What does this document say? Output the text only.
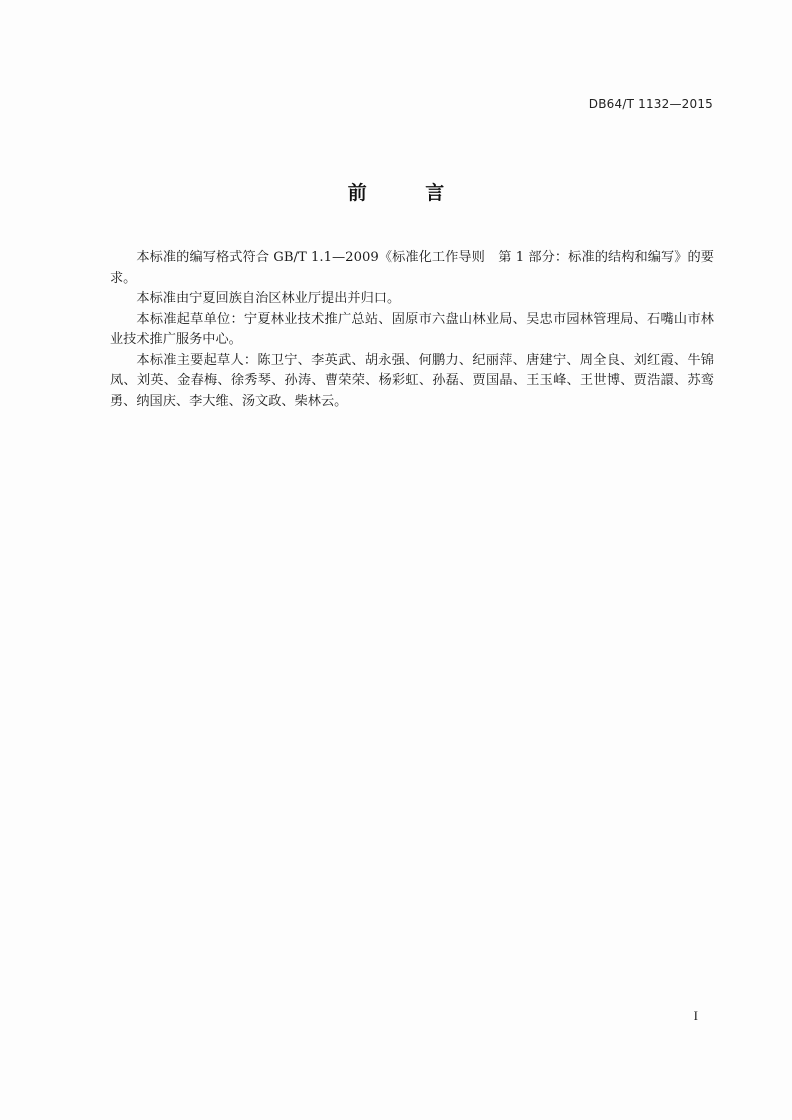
DB64/T 1132—2015
前 言

本标准的编写格式符合 GB/T 1.1—2009《标准化工作导则　第 1 部分：标准的结构和编写》的要求。

本标准由宁夏回族自治区林业厅提出并归口。

本标准起草单位：宁夏林业技术推广总站、固原市六盘山林业局、吴忠市园林管理局、石嘴山市林业技术推广服务中心。

本标准主要起草人：陈卫宁、李英武、胡永强、何鹏力、纪丽萍、唐建宁、周全良、刘红霞、牛锦凤、刘英、金春梅、徐秀琴、孙涛、曹荣荣、杨彩虹、孙磊、贾国晶、王玉峰、王世博、贾浩譞、苏鸾勇、纳国庆、李大维、汤文政、柴林云。

I
